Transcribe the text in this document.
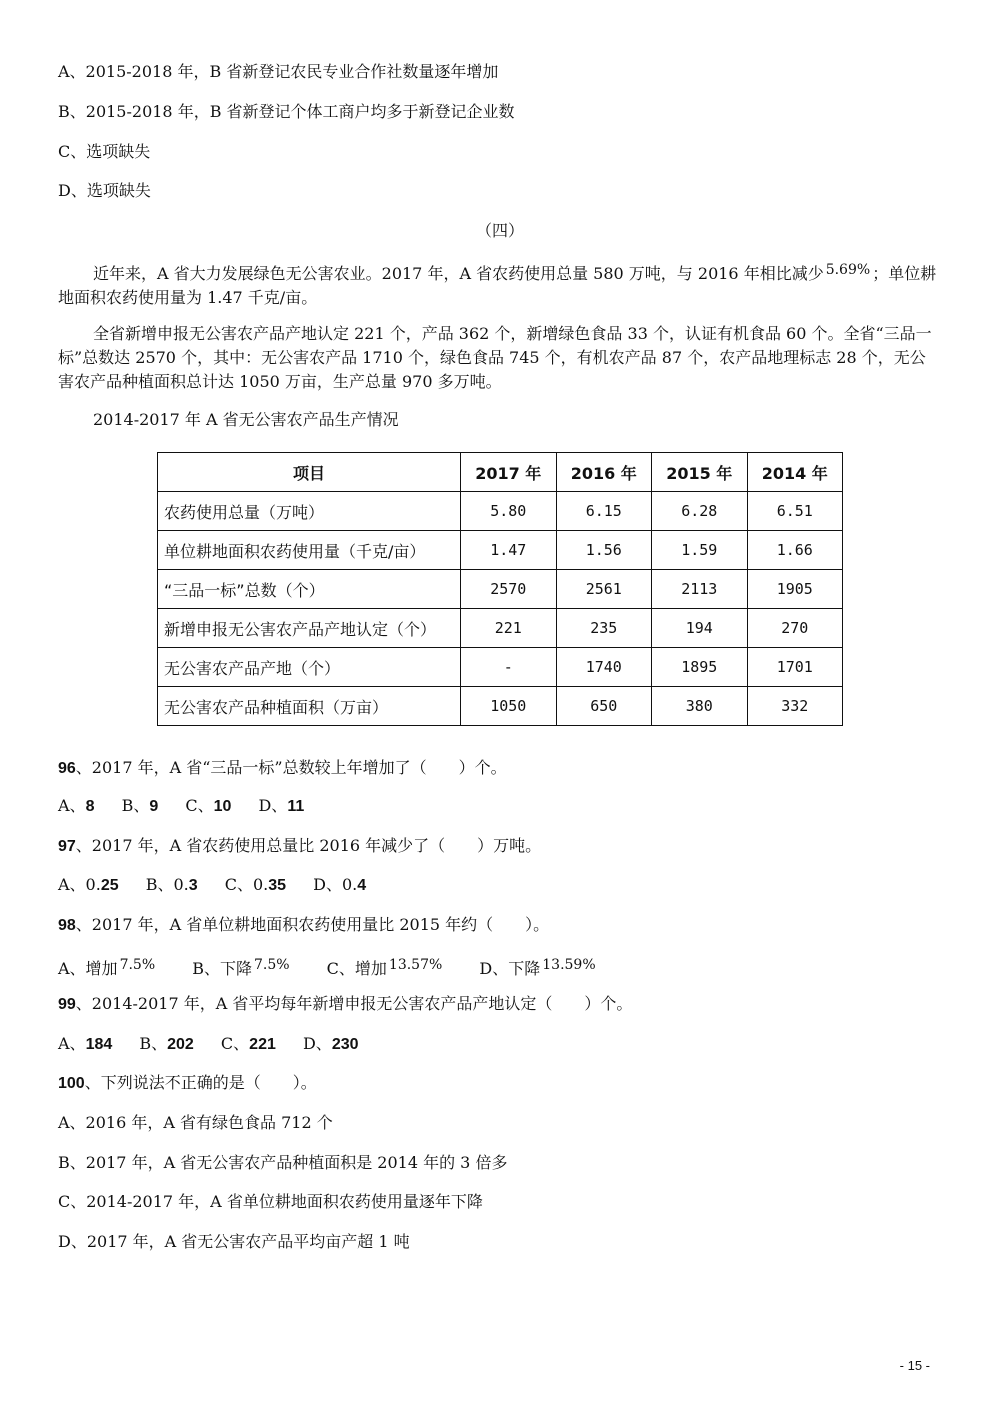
A、2015-2018 年，B 省新登记农民专业合作社数量逐年增加
B、2015-2018 年，B 省新登记个体工商户均多于新登记企业数
C、选项缺失
D、选项缺失
（四）

近年来，A 省大力发展绿色无公害农业。2017 年，A 省农药使用总量 580 万吨，与 2016 年相比减少 5.69% ；单位耕地面积农药使用量为 1.47 千克/亩。

全省新增申报无公害农产品产地认定 221 个，产品 362 个，新增绿色食品 33 个，认证有机食品 60 个。全省“三品一标”总数达 2570 个，其中：无公害农产品 1710 个，绿色食品 745 个，有机农产品 87 个，农产品地理标志 28 个，无公害农产品种植面积总计达 1050 万亩，生产总量 970 多万吨。

2014-2017 年 A 省无公害农产品生产情况
项目	2017 年	2016 年	2015 年	2014 年
农药使用总量（万吨）	5.80	6.15	6.28	6.51
单位耕地面积农药使用量（千克/亩）	1.47	1.56	1.59	1.66
“三品一标”总数（个）	2570	2561	2113	1905
新增申报无公害农产品产地认定（个）	221	235	194	270
无公害农产品产地（个）	-	1740	1895	1701
无公害农产品种植面积（万亩）	1050	650	380	332
96、2017 年，A 省“三品一标”总数较上年增加了（　　）个。
A、8 B、9 C、10 D、11
97、2017 年，A 省农药使用总量比 2016 年减少了（　　）万吨。
A、0.25 B、0.3 C、0.35 D、0.4
98、2017 年，A 省单位耕地面积农药使用量比 2015 年约（　　）。
A、增加 7.5% B、下降 7.5% C、增加 13.57% D、下降 13.59%
99、2014-2017 年，A 省平均每年新增申报无公害农产品产地认定（　　）个。
A、184 B、202 C、221 D、230
100、下列说法不正确的是（　　）。
A、2016 年，A 省有绿色食品 712 个
B、2017 年，A 省无公害农产品种植面积是 2014 年的 3 倍多
C、2014-2017 年，A 省单位耕地面积农药使用量逐年下降
D、2017 年，A 省无公害农产品平均亩产超 1 吨
- 15 -
